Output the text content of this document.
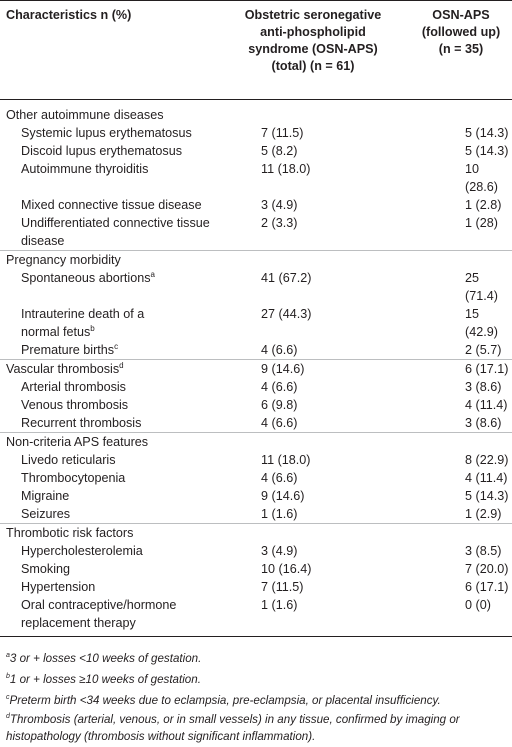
Characteristics n (%)	Obstetric seronegative anti-phospholipid syndrome (OSN-APS) (total) (n = 61)	OSN-APS (followed up) (n = 35)

Other autoimmune diseases		
Systemic lupus erythematosus	7 (11.5)	5 (14.3)
Discoid lupus erythematosus	5 (8.2)	5 (14.3)
Autoimmune thyroiditis	11 (18.0)	10 (28.6)
Mixed connective tissue disease	3 (4.9)	1 (2.8)

Undifferentiated connective tissue disease	2 (3.3)	1 (28)
Pregnancy morbidity		
Spontaneous abortions$^a$	41 (67.2)	25 (71.4)

Intrauterine death of a normal fetus$^b$	27 (44.3)	15 (42.9)
Premature births$^c$	4 (6.6)	2 (5.7)
Vascular thrombosis$^d$	9 (14.6)	6 (17.1)
Arterial thrombosis	4 (6.6)	3 (8.6)
Venous thrombosis	6 (9.8)	4 (11.4)
Recurrent thrombosis	4 (6.6)	3 (8.6)
Non-criteria APS features		
Livedo reticularis	11 (18.0)	8 (22.9)
Thrombocytopenia	4 (6.6)	4 (11.4)
Migraine	9 (14.6)	5 (14.3)
Seizures	1 (1.6)	1 (2.9)
Thrombotic risk factors		
Hypercholesterolemia	3 (4.9)	3 (8.5)
Smoking	10 (16.4)	7 (20.0)
Hypertension	7 (11.5)	6 (17.1)

Oral contraceptive/hormone replacement therapy	1 (1.6)	0 (0)
$^a$3 or + losses <10 weeks of gestation.
$^b$1 or + losses ≥10 weeks of gestation.
$^c$Preterm birth <34 weeks due to eclampsia, pre-eclampsia, or placental insufficiency.
$^d$Thrombosis (arterial, venous, or in small vessels) in any tissue, confirmed by imaging or histopathology (thrombosis without significant inflammation).
